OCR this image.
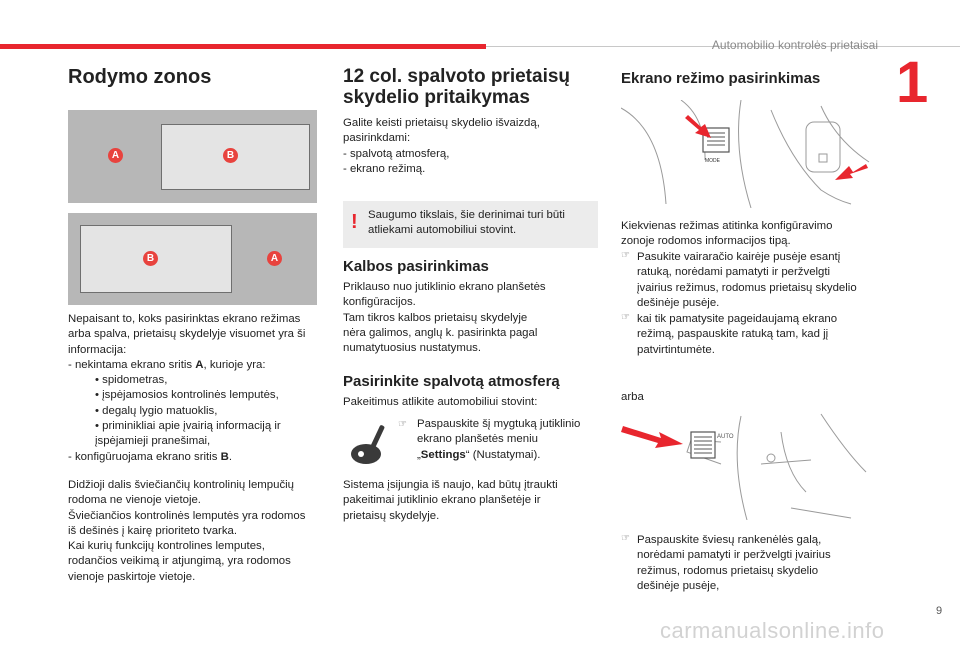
Automobilio kontrolės prietaisai
1
Rodymo zonos
A	B
B	A
Nepaisant to, koks pasirinktas ekrano režimas
arba spalva, prietaisų skydelyje visuomet yra ši
informacija:
- nekintama ekrano sritis A, kurioje yra:
• spidometras,
• įspėjamosios kontrolinės lemputės,
• degalų lygio matuoklis,
• priminikliai apie įvairią informaciją ir
įspėjamieji pranešimai,
- konfigūruojama ekrano sritis B.
Didžioji dalis šviečiančių kontrolinių lempučių
rodoma ne vienoje vietoje.
Šviečiančios kontrolinės lemputės yra rodomos
iš dešinės į kairę prioriteto tvarka.
Kai kurių funkcijų kontrolines lemputes,
rodančios veikimą ir atjungimą, yra rodomos
vienoje paskirtoje vietoje.
12 col. spalvoto prietaisų
skydelio pritaikymas
Galite keisti prietaisų skydelio išvaizdą,
pasirinkdami:
- spalvotą atmosferą,
- ekrano režimą.
! Saugumo tikslais, šie derinimai turi būti
atliekami automobiliui stovint.
Kalbos pasirinkimas
Priklauso nuo jutiklinio ekrano planšetės
konfigūracijos.
Tam tikros kalbos prietaisų skydelyje
nėra galimos, anglų k. pasirinkta pagal
numatytuosius nustatymus.
Pasirinkite spalvotą atmosferą
Pakeitimus atlikite automobiliui stovint:
☞ Paspauskite šį mygtuką jutiklinio
ekrano planšetės meniu
„Settings“ (Nustatymai).
Sistema įsijungia iš naujo, kad būtų įtraukti
pakeitimai jutiklinio ekrano planšetėje ir
prietaisų skydelyje.
Ekrano režimo pasirinkimas
MODE
Kiekvienas režimas atitinka konfigūravimo
zonoje rodomos informacijos tipą.
☞ Pasukite vairaračio kairėje pusėje esantį
ratuką, norėdami pamatyti ir peržvelgti
įvairius režimus, rodomus prietaisų skydelio
dešinėje pusėje.
☞ kai tik pamatysite pageidaujamą ekrano
režimą, paspauskite ratuką tam, kad jį
patvirtintumėte.
arba
AUTO
☞ Paspauskite šviesų rankenėlės galą,
norėdami pamatyti ir peržvelgti įvairius
režimus, rodomus prietaisų skydelio
dešinėje pusėje,
9
carmanualsonline.info
